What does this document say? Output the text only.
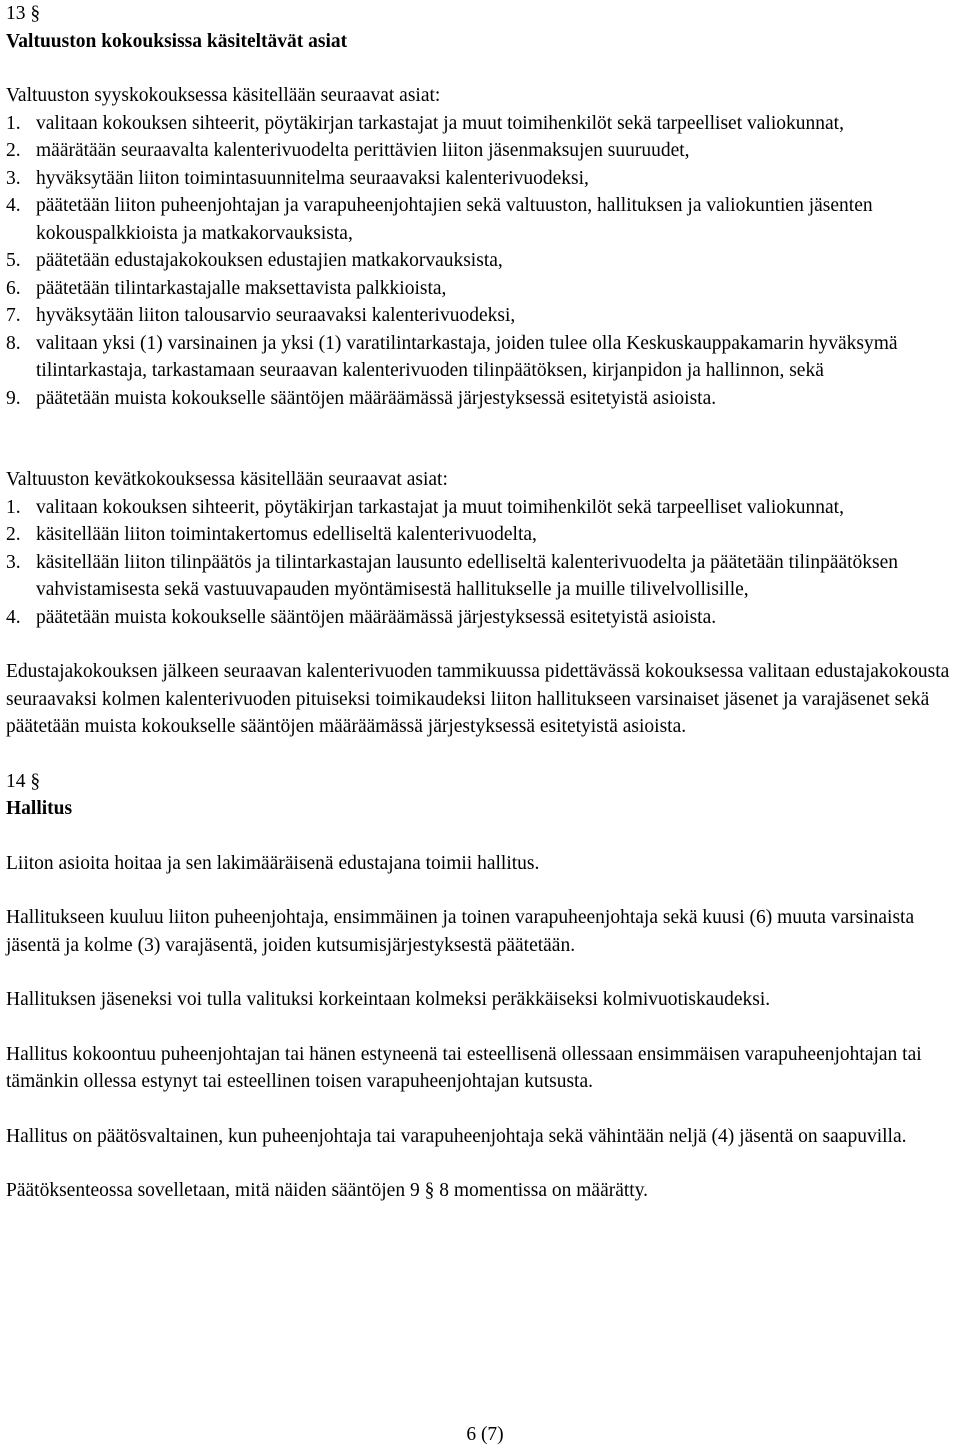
13 §

Valtuuston kokouksissa käsiteltävät asiat

Valtuuston syyskokouksessa käsitellään seuraavat asiat:

1. valitaan kokouksen sihteerit, pöytäkirjan tarkastajat ja muut toimihenkilöt sekä tarpeelliset valiokunnat,
2. määrätään seuraavalta kalenterivuodelta perittävien liiton jäsenmaksujen suuruudet,
3. hyväksytään liiton toimintasuunnitelma seuraavaksi kalenterivuodeksi,
4. päätetään liiton puheenjohtajan ja varapuheenjohtajien sekä valtuuston, hallituksen ja valiokuntien jäsenten kokouspalkkioista ja matkakorvauksista,
5. päätetään edustajakokouksen edustajien matkakorvauksista,
6. päätetään tilintarkastajalle maksettavista palkkioista,
7. hyväksytään liiton talousarvio seuraavaksi kalenterivuodeksi,
8. valitaan yksi (1) varsinainen ja yksi (1) varatilintarkastaja, joiden tulee olla Keskuskauppakamarin hyväksymä tilintarkastaja, tarkastamaan seuraavan kalenterivuoden tilinpäätöksen, kirjanpidon ja hallinnon, sekä
9. päätetään muista kokoukselle sääntöjen määräämässä järjestyksessä esitetyistä asioista.

Valtuuston kevätkokouksessa käsitellään seuraavat asiat:

1. valitaan kokouksen sihteerit, pöytäkirjan tarkastajat ja muut toimihenkilöt sekä tarpeelliset valiokunnat,
2. käsitellään liiton toimintakertomus edelliseltä kalenterivuodelta,
3. käsitellään liiton tilinpäätös ja tilintarkastajan lausunto edelliseltä kalenterivuodelta ja päätetään tilinpäätöksen vahvistamisesta sekä vastuuvapauden myöntämisestä hallitukselle ja muille tilivelvollisille,
4. päätetään muista kokoukselle sääntöjen määräämässä järjestyksessä esitetyistä asioista.

Edustajakokouksen jälkeen seuraavan kalenterivuoden tammikuussa pidettävässä kokouksessa valitaan edustajakokousta seuraavaksi kolmen kalenterivuoden pituiseksi toimikaudeksi liiton hallitukseen varsinaiset jäsenet ja varajäsenet sekä päätetään muista kokoukselle sääntöjen määräämässä järjestyksessä esitetyistä asioista.

14 §

Hallitus

Liiton asioita hoitaa ja sen lakimääräisenä edustajana toimii hallitus.

Hallitukseen kuuluu liiton puheenjohtaja, ensimmäinen ja toinen varapuheenjohtaja sekä kuusi (6) muuta varsinaista jäsentä ja kolme (3) varajäsentä, joiden kutsumisjärjestyksestä päätetään.

Hallituksen jäseneksi voi tulla valituksi korkeintaan kolmeksi peräkkäiseksi kolmivuotiskaudeksi.

Hallitus kokoontuu puheenjohtajan tai hänen estyneenä tai esteellisenä ollessaan ensimmäisen varapuheenjohtajan tai tämänkin ollessa estynyt tai esteellinen toisen varapuheenjohtajan kutsusta.

Hallitus on päätösvaltainen, kun puheenjohtaja tai varapuheenjohtaja sekä vähintään neljä (4) jäsentä on saapuvilla.

Päätöksenteossa sovelletaan, mitä näiden sääntöjen 9 § 8 momentissa on määrätty.

6 (7)
